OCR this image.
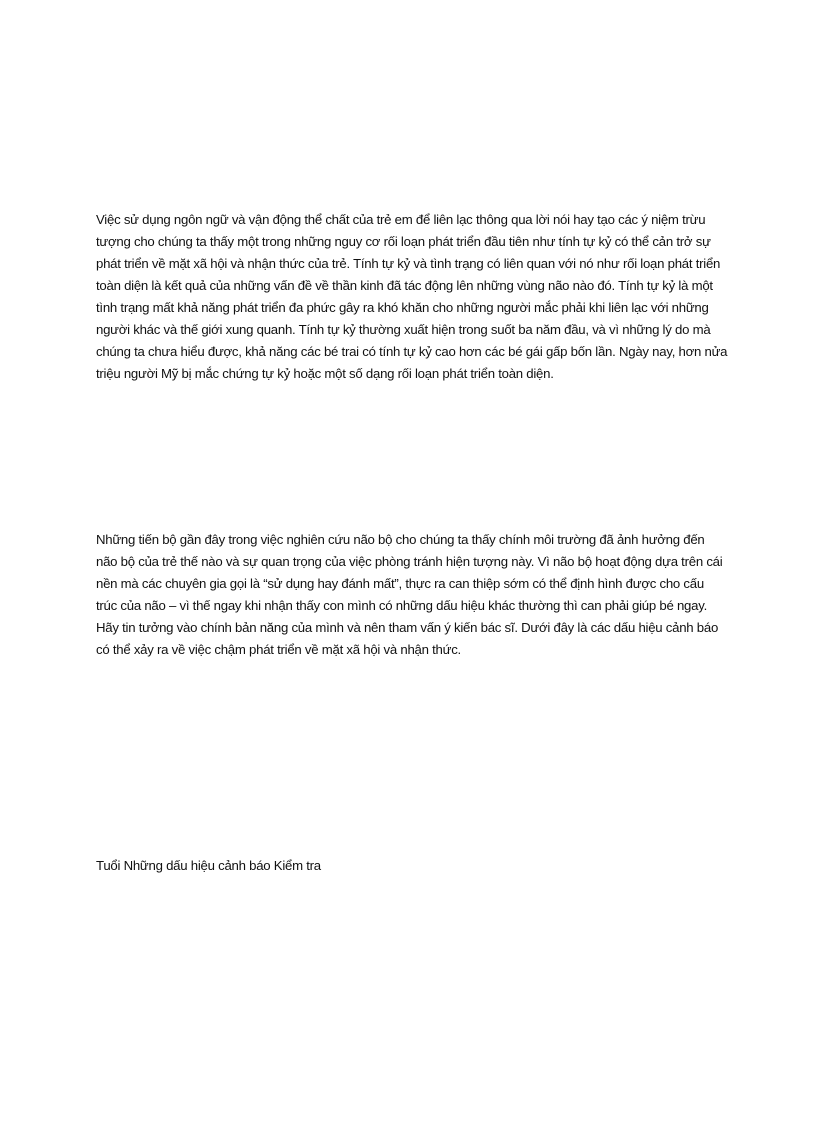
Việc sử dụng ngôn ngữ và vận động thể chất của trẻ em để liên lạc thông qua lời nói hay tạo các ý niệm trừu tượng cho chúng ta thấy một trong những nguy cơ rối loạn phát triển đầu tiên như tính tự kỷ có thể cản trở sự phát triển về mặt xã hội và nhận thức của trẻ. Tính tự kỷ và tình trạng có liên quan với nó như rối loạn phát triển toàn diện là kết quả của những vấn đề về thần kinh đã tác động lên những vùng não nào đó. Tính tự kỷ là một tình trạng mất khả năng phát triển đa phức gây ra khó khăn cho những người mắc phải khi liên lạc với những người khác và thế giới xung quanh. Tính tự kỷ thường xuất hiện trong suốt ba năm đầu, và vì những lý do mà chúng ta chưa hiểu được, khả năng các bé trai có tính tự kỷ cao hơn các bé gái gấp bốn lần. Ngày nay, hơn nửa triệu người Mỹ bị mắc chứng tự kỷ hoặc một số dạng rối loạn phát triển toàn diện.

Những tiến bộ gần đây trong việc nghiên cứu não bộ cho chúng ta thấy chính môi trường đã ảnh hưởng đến não bộ của trẻ thế nào và sự quan trọng của việc phòng tránh hiện tượng này. Vì não bộ hoạt động dựa trên cái nền mà các chuyên gia gọi là “sử dụng hay đánh mất”, thực ra can thiệp sớm có thể định hình được cho cấu trúc của não – vì thế ngay khi nhận thấy con mình có những dấu hiệu khác thường thì can phải giúp bé ngay. Hãy tin tưởng vào chính bản năng của mình và nên tham vấn ý kiến bác sĩ. Dưới đây là các dấu hiệu cảnh báo có thể xảy ra về việc chậm phát triển về mặt xã hội và nhận thức.

Tuổi Những dấu hiệu cảnh báo Kiểm tra
